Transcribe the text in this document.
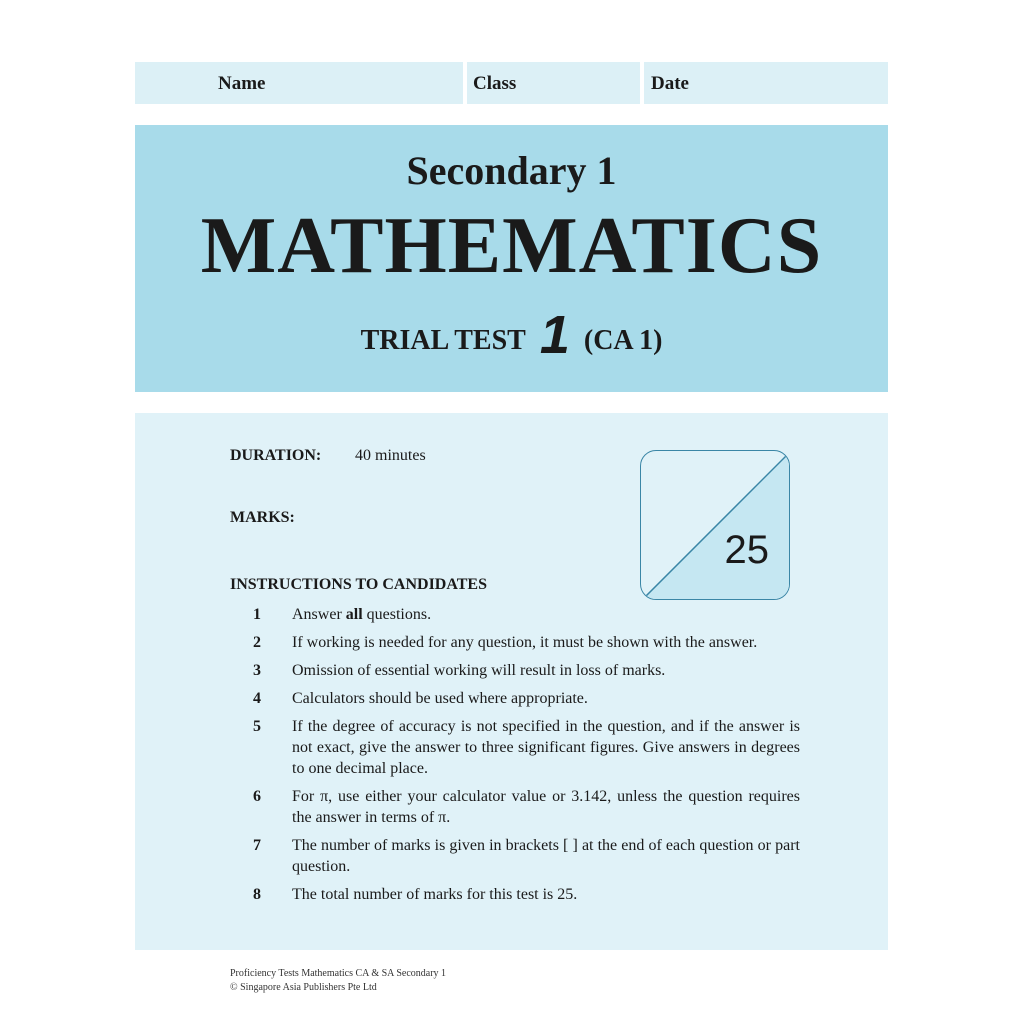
Name	Class	Date
Secondary 1
MATHEMATICS
TRIAL TEST 1 (CA 1)
DURATION: 40 minutes
MARKS:
25
INSTRUCTIONS TO CANDIDATES
1 Answer all questions.
2 If working is needed for any question, it must be shown with the answer.
3 Omission of essential working will result in loss of marks.
4 Calculators should be used where appropriate.
5 If the degree of accuracy is not specified in the question, and if the answer is not exact, give the answer to three significant figures. Give answers in degrees to one decimal place.
6 For π, use either your calculator value or 3.142, unless the question requires the answer in terms of π.
7 The number of marks is given in brackets [ ] at the end of each question or part question.
8 The total number of marks for this test is 25.
Proficiency Tests Mathematics CA & SA Secondary 1
© Singapore Asia Publishers Pte Ltd
